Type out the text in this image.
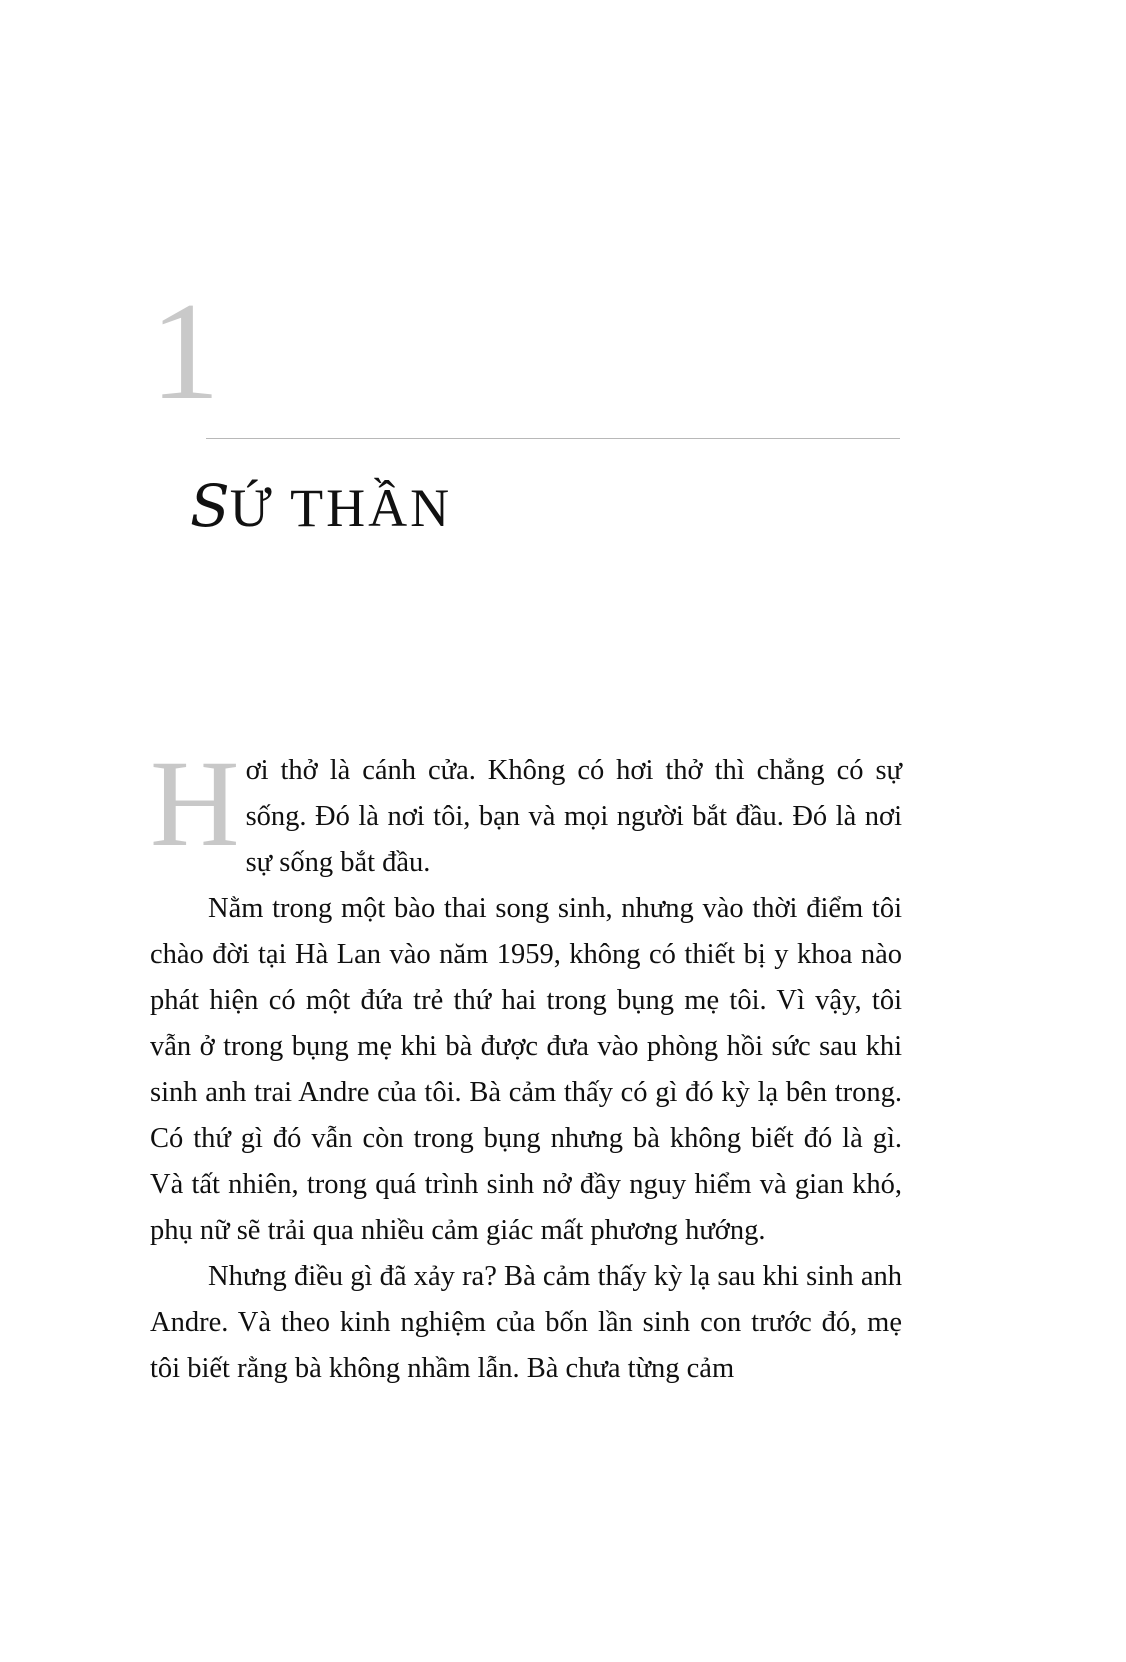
1
SỨ THẦN
H ơi thở là cánh cửa. Không có hơi thở thì chẳng có sự sống. Đó là nơi tôi, bạn và mọi người bắt đầu. Đó là nơi sự sống bắt đầu.

Nằm trong một bào thai song sinh, nhưng vào thời điểm tôi chào đời tại Hà Lan vào năm 1959, không có thiết bị y khoa nào phát hiện có một đứa trẻ thứ hai trong bụng mẹ tôi. Vì vậy, tôi vẫn ở trong bụng mẹ khi bà được đưa vào phòng hồi sức sau khi sinh anh trai Andre của tôi. Bà cảm thấy có gì đó kỳ lạ bên trong. Có thứ gì đó vẫn còn trong bụng nhưng bà không biết đó là gì. Và tất nhiên, trong quá trình sinh nở đầy nguy hiểm và gian khó, phụ nữ sẽ trải qua nhiều cảm giác mất phương hướng.

Nhưng điều gì đã xảy ra? Bà cảm thấy kỳ lạ sau khi sinh anh Andre. Và theo kinh nghiệm của bốn lần sinh con trước đó, mẹ tôi biết rằng bà không nhầm lẫn. Bà chưa từng cảm
